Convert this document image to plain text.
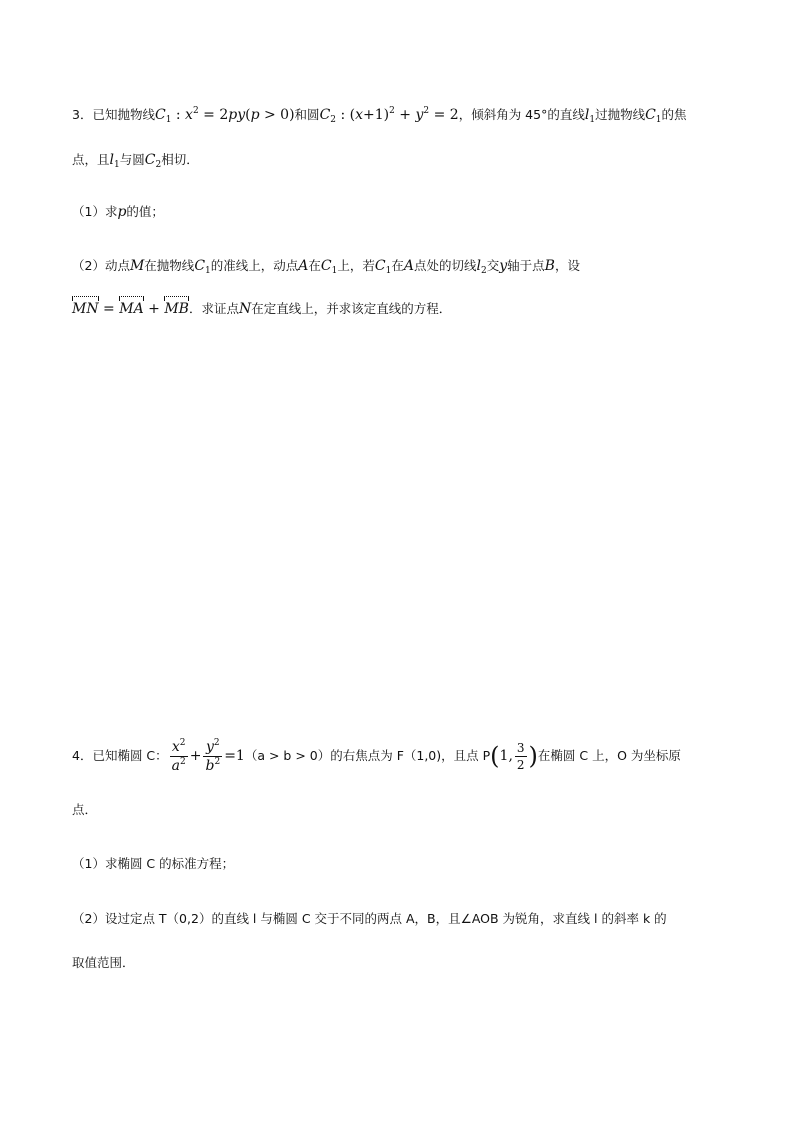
3．已知抛物线$C_1$ : $x^2 = 2py(p > 0)$和圆$C_2$ : $(x+1)^2 + y^2 = 2$，倾斜角为 45°的直线$l_1$过抛物线$C_1$的焦
点，且$l_1$与圆$C_2$相切．
（1）求p的值；
（2）动点M在抛物线$C_1$的准线上，动点A在$C_1$上，若$C_1$在A点处的切线$l_2$交y轴于点B，设
MN = MA + MB．求证点N在定直线上，并求该定直线的方程．
4．已知椭圆 C： $\frac{x^2}{a^2} + \frac{y^2}{b^2} =1(a > b > 0)$的右焦点为 F（1,0)，且点 P(1, $\frac{3}{2}$ )在椭圆 C 上，O 为坐标原
点．
（1）求椭圆 C 的标准方程；
（2）设过定点 T（0,2）的直线 l 与椭圆 C 交于不同的两点 A，B，且∠AOB 为锐角，求直线 l 的斜率 k 的
取值范围．
